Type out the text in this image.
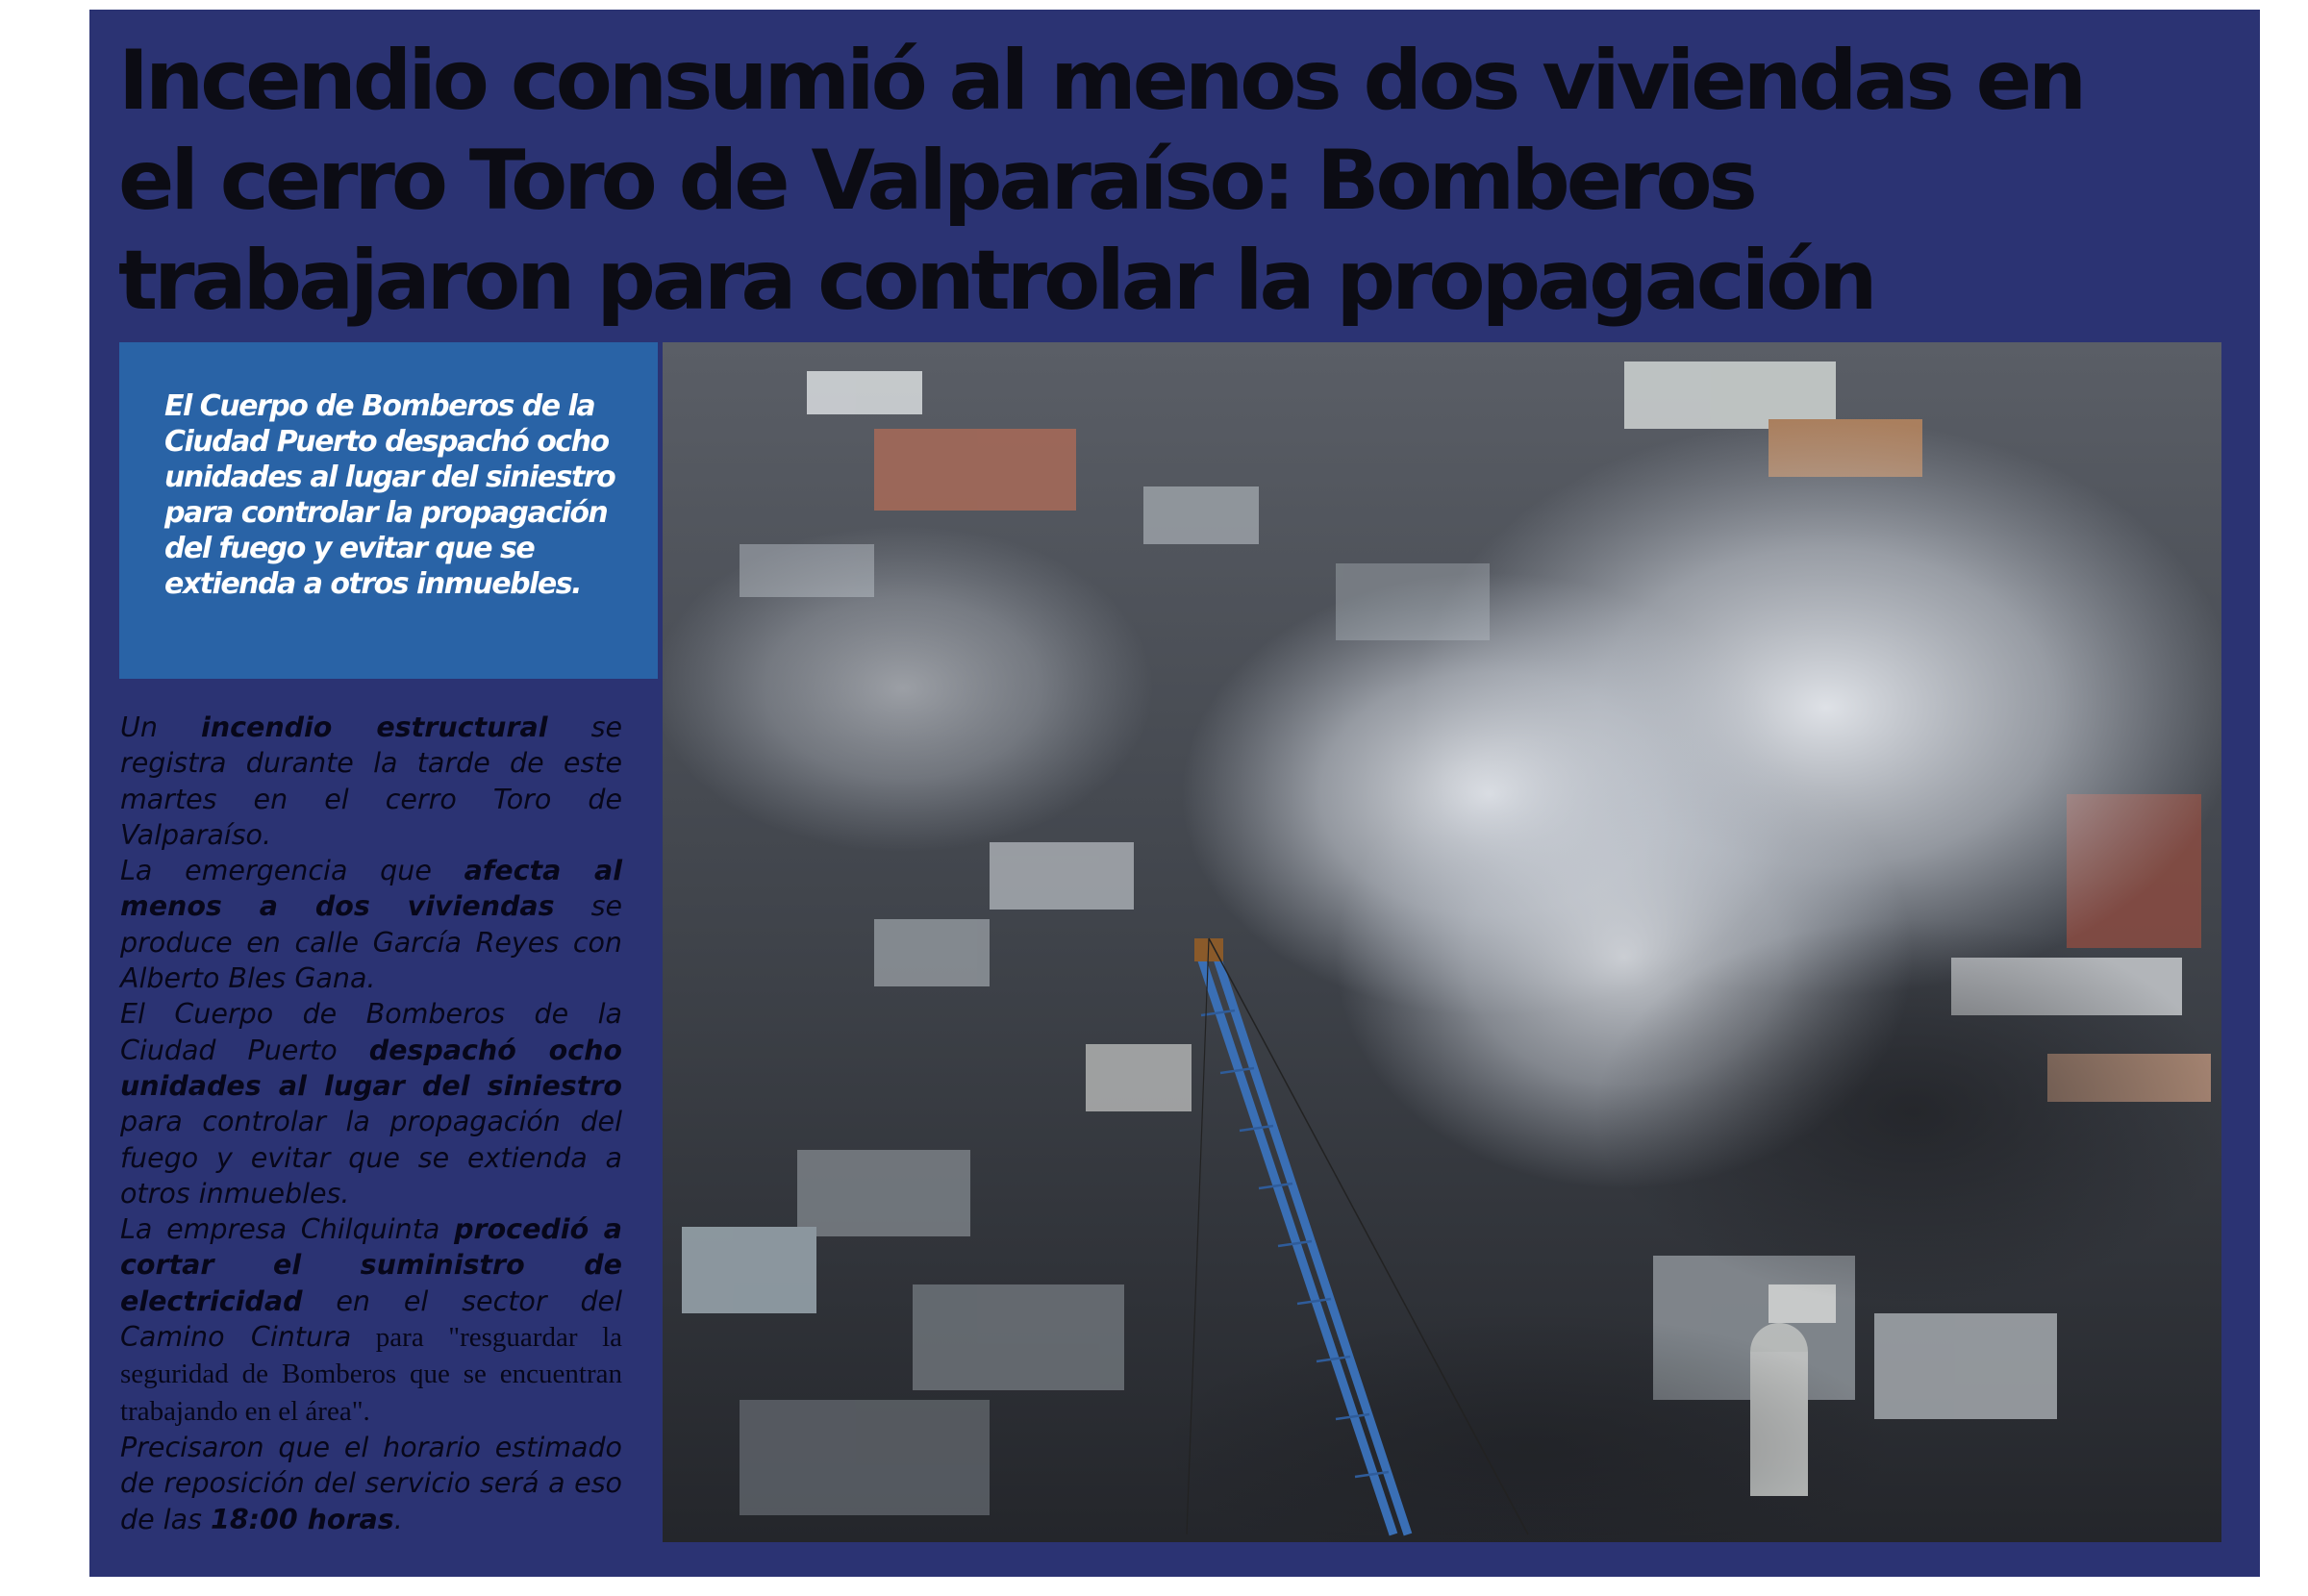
Incendio consumió al menos dos viviendas en el cerro Toro de Valparaíso: Bomberos trabajaron para controlar la propagación

El Cuerpo de Bomberos de la Ciudad Puerto despachó ocho unidades al lugar del siniestro para controlar la propagación del fuego y evitar que se extienda a otros inmuebles.

Un incendio estructural se registra durante la tarde de este martes en el cerro Toro de Valparaíso.

La emergencia que afecta al menos a dos viviendas se produce en calle García Reyes con Alberto Bles Gana.

El Cuerpo de Bomberos de la Ciudad Puerto despachó ocho unidades al lugar del siniestro para controlar la propagación del fuego y evitar que se extienda a otros inmuebles.

La empresa Chilquinta procedió a cortar el suministro de electricidad en el sector del Camino Cintura para "resguardar la seguridad de Bomberos que se encuentran trabajando en el área".

Precisaron que el horario estimado de reposición del servicio será a eso de las 18:00 horas.
